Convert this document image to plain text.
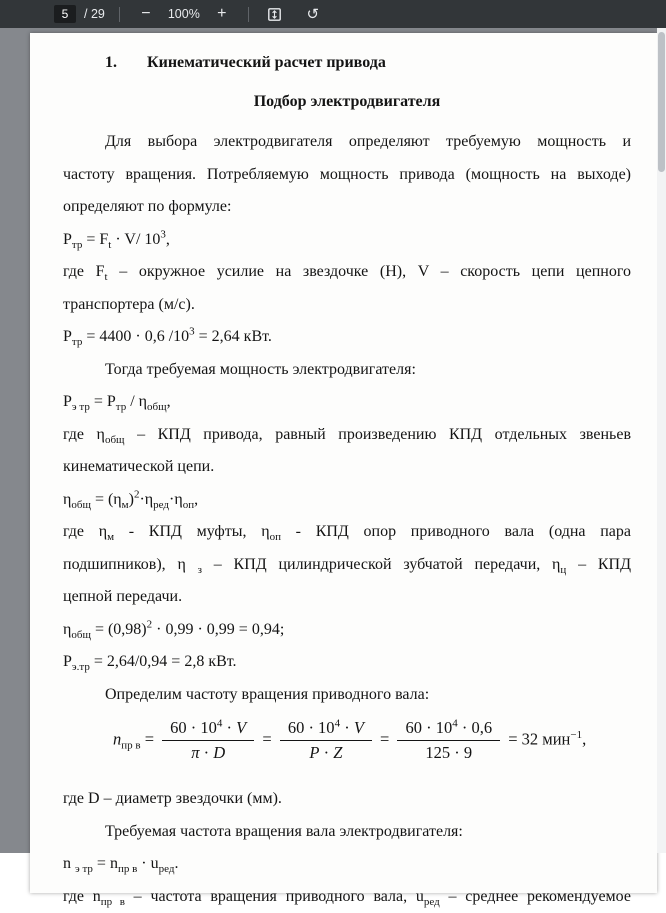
5
/ 29	−	100%	+	↺
1. Кинематический расчет привода
Подбор электродвигателя
Для выбора электродвигателя определяют требуемую мощность и
частоту вращения. Потребляемую мощность привода (мощность на выходе)
определяют по формуле:
$P_{тр} = F_t \cdot V/$ $10^3$,
где $F_t$ – окружное усилие на звездочке (Н), V – скорость цепи цепного
транспортера (м/с).
$P_{тр} = 4400 \cdot 0,6$ $/10^3 = 2,64$ кВт.
Тогда требуемая мощность электродвигателя:
$P_{э тр} = P_{тр} / \eta_{общ}$,
где $\eta_{общ}$ – КПД привода, равный произведению КПД отдельных звеньев
кинематической цепи.
$\eta_{общ} = (\eta_м)^2\cdot\eta_{ред}\cdot\eta_{оп}$,
где $\eta_м$ - КПД муфты, $\eta_{оп}$ - КПД опор приводного вала (одна пара
подшипников), η $_з$ – КПД цилиндрической зубчатой передачи, $\eta_ц$ – КПД
цепной передачи.
$\eta_{общ} = (0,98)^2 \cdot 0,99 \cdot 0,99 = 0,94$;
$P_{э.тр} = 2,64/0,94 = 2,8$ кВт.
Определим частоту вращения приводного вала:
$n_{пр в} = \frac{60 \cdot 10^4 \cdot V}{\pi \cdot D} = \frac{60 \cdot 10^4 \cdot V}{P \cdot Z} = \frac{60 \cdot 10^4 \cdot 0,6}{125 \cdot 9} = 32$ мин$^{-1}$,
где D – диаметр звездочки (мм).
Требуемая частота вращения вала электродвигателя:
n $_{э тр} = n_{пр в} \cdot u_{ред}$.
где $n_{пр в}$ – частота вращения приводного вала, $u_{ред}$ – среднее рекомендуемое
